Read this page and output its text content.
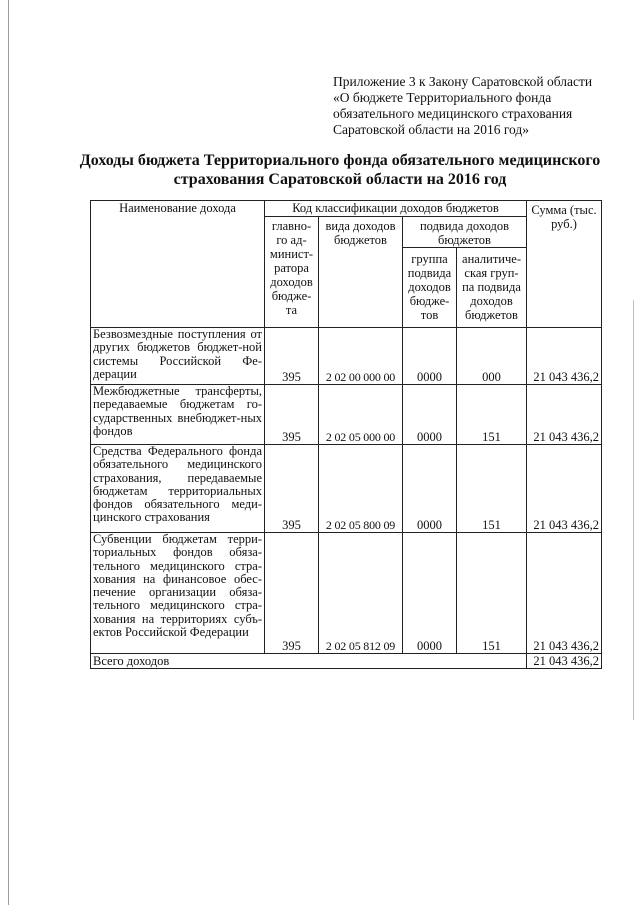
Приложение 3 к Закону Саратовской области
«О бюджете Территориального фонда
обязательного медицинского страхования
Саратовской области на 2016 год»
Доходы бюджета Территориального фонда обязательного медицинского
страхования Саратовской области на 2016 год
Наименование дохода	Код классификации доходов бюджетов				Сумма (тыс. руб.)
	главно-го ад-минист-ратора доходов бюдже-та	вида доходов бюджетов	подвида доходов бюджетов		
			группа подвида доходов бюдже-тов	аналитиче-ская груп-па подвида доходов бюджетов	
Безвозмездные поступления от других бюджетов бюджет-ной системы Российской Фе-дерации	395	2 02 00 000 00	0000	000	21 043 436,2
Межбюджетные трансферты, передаваемые бюджетам го-сударственных внебюджет-ных фондов	395	2 02 05 000 00	0000	151	21 043 436,2
Средства Федерального фонда обязательного медицинского страхования, передаваемые бюджетам территориальных фондов обязательного меди-цинского страхования	395	2 02 05 800 09	0000	151	21 043 436,2
Субвенции бюджетам терри-ториальных фондов обяза-тельного медицинского стра-хования на финансовое обес-печение организации обяза-тельного медицинского стра-хования на территориях субъ-ектов Российской Федерации	395	2 02 05 812 09	0000	151	21 043 436,2
Всего доходов					21 043 436,2
